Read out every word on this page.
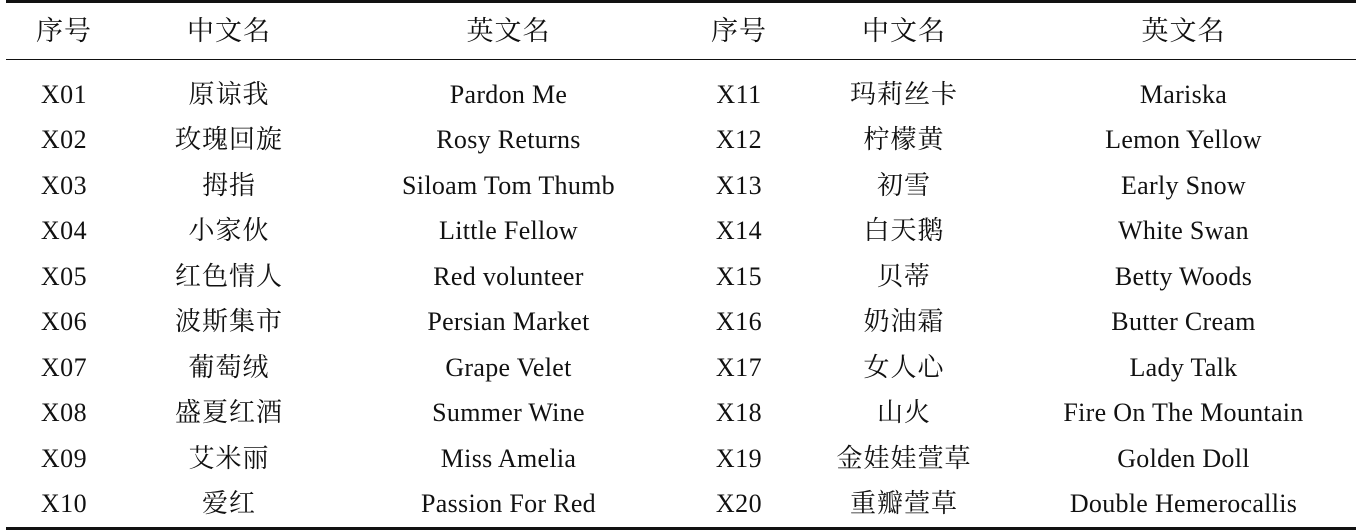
序号	中文名	英文名	序号	中文名	英文名

X01	原谅我	Pardon Me	X11	玛莉丝卡	Mariska
X02	玫瑰回旋	Rosy Returns	X12	柠檬黄	Lemon Yellow
X03	拇指	Siloam Tom Thumb	X13	初雪	Early Snow
X04	小家伙	Little Fellow	X14	白天鹅	White Swan
X05	红色情人	Red volunteer	X15	贝蒂	Betty Woods
X06	波斯集市	Persian Market	X16	奶油霜	Butter Cream
X07	葡萄绒	Grape Velet	X17	女人心	Lady Talk
X08	盛夏红酒	Summer Wine	X18	山火	Fire On The Mountain
X09	艾米丽	Miss Amelia	X19	金娃娃萱草	Golden Doll
X10	爱红	Passion For Red	X20	重瓣萱草	Double Hemerocallis
